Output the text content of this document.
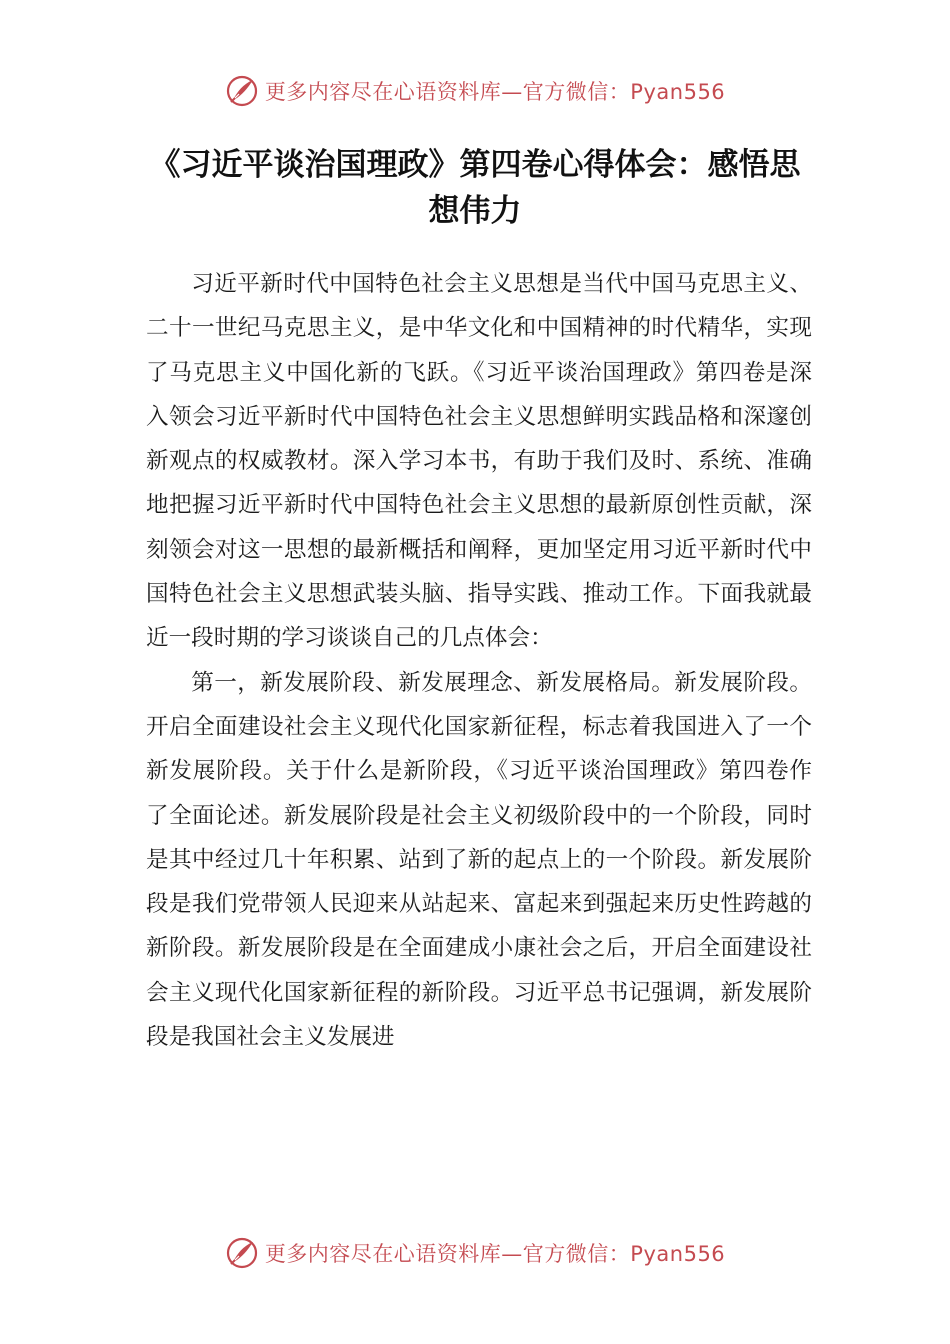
更多内容尽在心语资料库—官方微信：Pyan556
《习近平谈治国理政》第四卷心得体会：感悟思想伟力

习近平新时代中国特色社会主义思想是当代中国马克思主义、二十一世纪马克思主义，是中华文化和中国精神的时代精华，实现了马克思主义中国化新的飞跃。《习近平谈治国理政》第四卷是深入领会习近平新时代中国特色社会主义思想鲜明实践品格和深邃创新观点的权威教材。深入学习本书，有助于我们及时、系统、准确地把握习近平新时代中国特色社会主义思想的最新原创性贡献，深刻领会对这一思想的最新概括和阐释，更加坚定用习近平新时代中国特色社会主义思想武装头脑、指导实践、推动工作。下面我就最近一段时期的学习谈谈自己的几点体会：

第一，新发展阶段、新发展理念、新发展格局。新发展阶段。开启全面建设社会主义现代化国家新征程，标志着我国进入了一个新发展阶段。关于什么是新阶段，《习近平谈治国理政》第四卷作了全面论述。新发展阶段是社会主义初级阶段中的一个阶段，同时是其中经过几十年积累、站到了新的起点上的一个阶段。新发展阶段是我们党带领人民迎来从站起来、富起来到强起来历史性跨越的新阶段。新发展阶段是在全面建成小康社会之后，开启全面建设社会主义现代化国家新征程的新阶段。习近平总书记强调，新发展阶段是我国社会主义发展进

更多内容尽在心语资料库—官方微信：Pyan556
